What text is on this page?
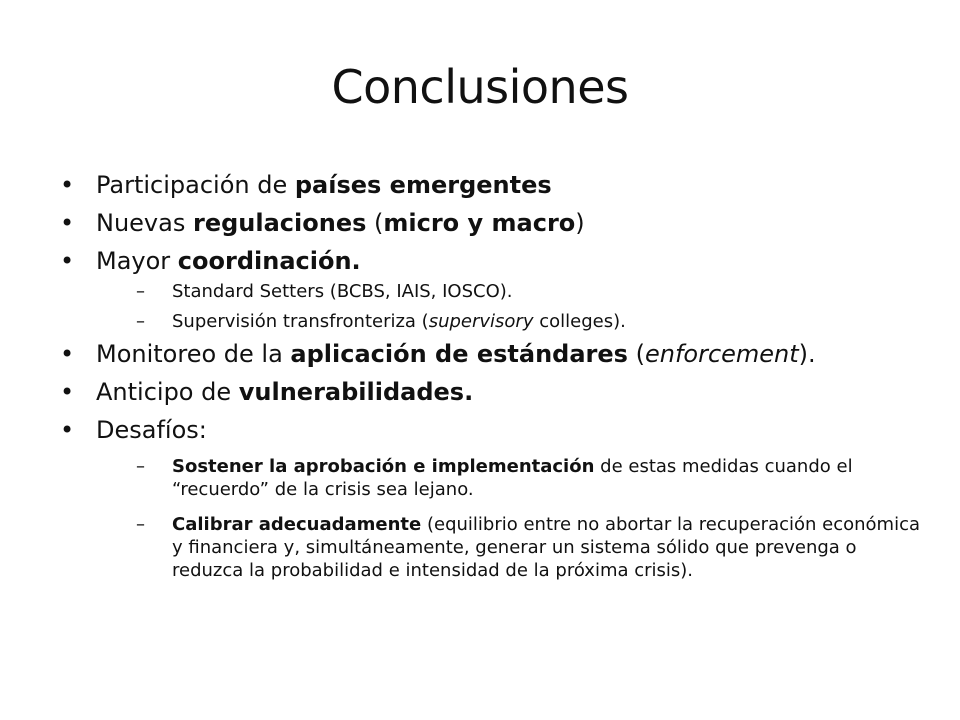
Conclusiones
• Participación de países emergentes
• Nuevas regulaciones (micro y macro)
• Mayor coordinación.
– Standard Setters (BCBS, IAIS, IOSCO).
– Supervisión transfronteriza (supervisory colleges).
• Monitoreo de la aplicación de estándares (enforcement).
• Anticipo de vulnerabilidades.
• Desafíos:
– Sostener la aprobación e implementación de estas medidas cuando el “recuerdo” de la crisis sea lejano.
– Calibrar adecuadamente (equilibrio entre no abortar la recuperación económica y financiera y, simultáneamente, generar un sistema sólido que prevenga o reduzca la probabilidad e intensidad de la próxima crisis).
